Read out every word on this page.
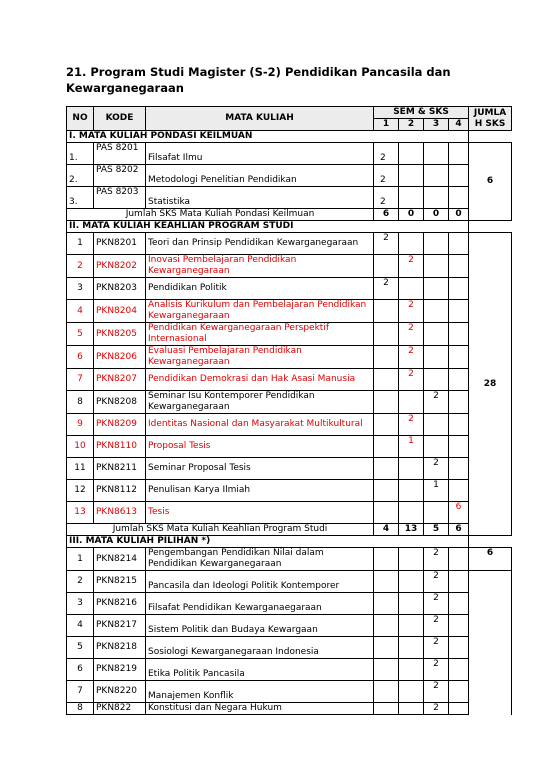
21. Program Studi Magister (S-2) Pendidikan Pancasila dan Kewarganegaraan
NO	KODE	MATA KULIAH	SEM & SKS				JUMLA H SKS
			1	2	3	4	
I. MATA KULIAH PONDASI KEILMUAN							
1.	PAS 8201	Filsafat Ilmu	2				6
2.	PAS 8202	Metodologi Penelitian Pendidikan	2				
3.	PAS 8203	Statistika	2				
Jumlah SKS Mata Kuliah Pondasi Keilmuan			6	0	0	0	
II. MATA KULIAH KEAHLIAN PROGRAM STUDI							
1	PKN8201	Teori dan Prinsip Pendidikan Kewarganegaraan	2				28
2	PKN8202	Inovasi Pembelajaran Pendidikan Kewarganegaraan		2			
3	PKN8203	Pendidikan Politik	2				
4	PKN8204	Analisis Kurikulum dan Pembelajaran Pendidikan Kewarganegaraan		2			
5	PKN8205	Pendidikan Kewarganegaraan Perspektif Internasional		2			
6	PKN8206	Evaluasi Pembelajaran Pendidikan Kewarganegaraan		2			
7	PKN8207	Pendidikan Demokrasi dan Hak Asasi Manusia		2			
8	PKN8208	Seminar Isu Kontemporer Pendidikan Kewarganegaraan			2		
9	PKN8209	Identitas Nasional dan Masyarakat Multikultural		2			
10	PKN8110	Proposal Tesis		1			
11	PKN8211	Seminar Proposal Tesis			2		
12	PKN8112	Penulisan Karya Ilmiah			1		
13	PKN8613	Tesis				6	
Jumlah SKS Mata Kuliah Keahlian Program Studi			4	13	5	6	
III. MATA KULIAH PILIHAN *)							
1	PKN8214	Pengembangan Pendidikan Nilai dalam Pendidikan Kewarganegaraan			2		6
2	PKN8215	Pancasila dan Ideologi Politik Kontemporer			2		
3	PKN8216	Filsafat Pendidikan Kewarganaegaraan			2		
4	PKN8217	Sistem Politik dan Budaya Kewargaan			2		
5	PKN8218	Sosiologi Kewarganegaraan Indonesia			2		
6	PKN8219	Etika Politik Pancasila			2		
7	PKN8220	Manajemen Konflik			2		
8	PKN822	Konstitusi dan Negara Hukum			2		
